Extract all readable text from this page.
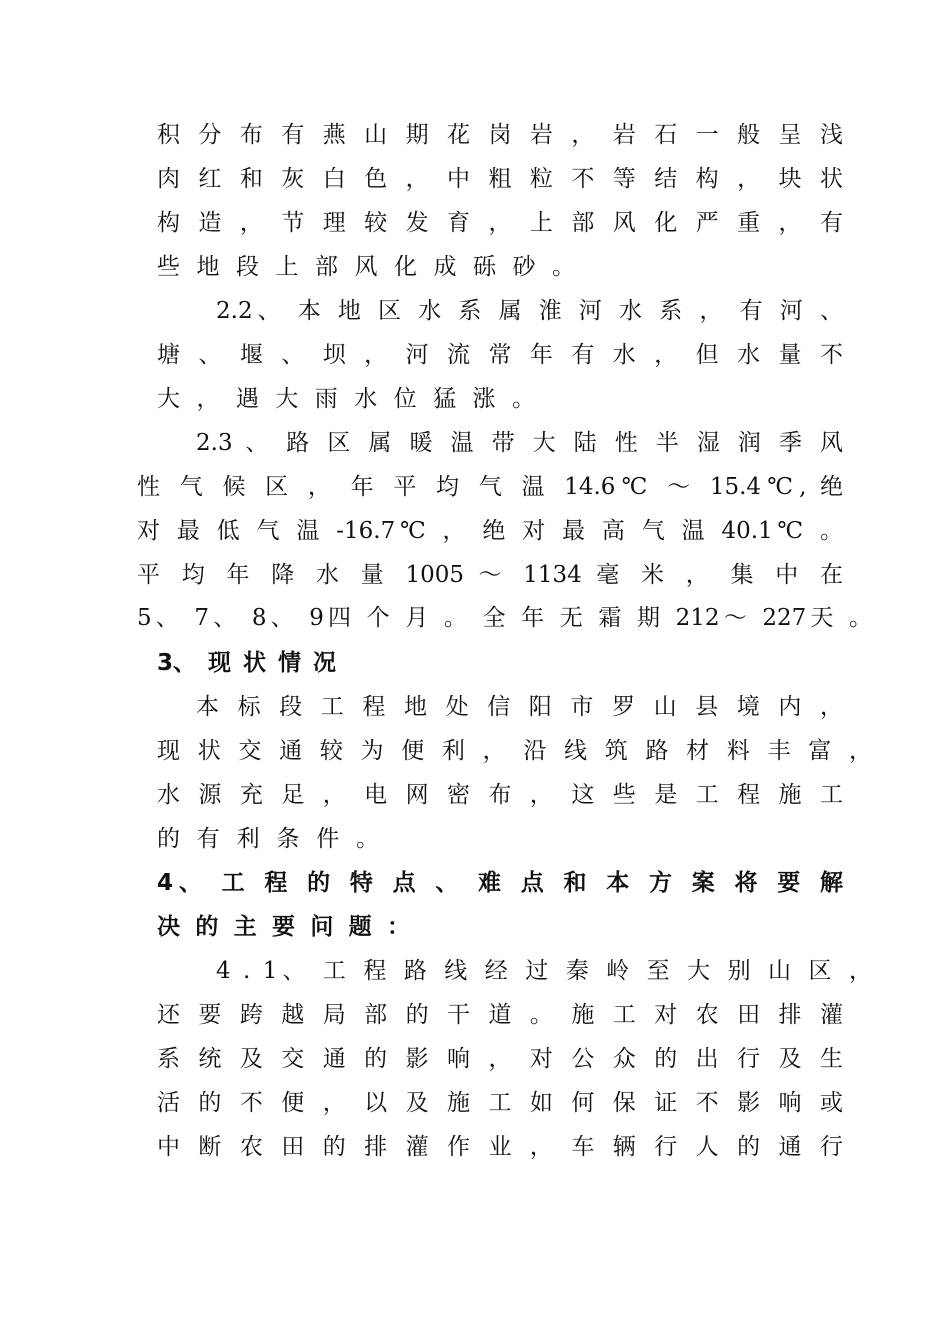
积 分 布 有 燕 山 期 花 岗 岩 ， 岩 石 一 般 呈 浅

肉 红 和 灰 白 色 ， 中 粗 粒 不 等 结 构 ， 块 状

构 造 ， 节 理 较 发 育 ， 上 部 风 化 严 重 ， 有

些 地 段 上 部 风 化 成 砾 砂 。

2.2、 本 地 区 水 系 属 淮 河 水 系 ， 有 河 、

塘 、 堰 、 坝 ， 河 流 常 年 有 水 ， 但 水 量 不

大 ， 遇 大 雨 水 位 猛 涨 。

2.3 、 路 区 属 暖 温 带 大 陆 性 半 湿 润 季 风

性 气 候 区 ， 年 平 均 气 温 14.6℃ ～ 15.4℃, 绝

对 最 低 气 温 -16.7℃ ， 绝 对 最 高 气 温 40.1℃ 。

平 均 年 降 水 量 1005 ～ 1134 毫 米 ， 集 中 在

5、 7、 8、 9四 个 月 。 全 年 无 霜 期 212～ 227天 。

3、 现 状 情 况

本 标 段 工 程 地 处 信 阳 市 罗 山 县 境 内 ，

现 状 交 通 较 为 便 利 ， 沿 线 筑 路 材 料 丰 富 ，

水 源 充 足 ， 电 网 密 布 ， 这 些 是 工 程 施 工

的 有 利 条 件 。

4、 工 程 的 特 点 、 难 点 和 本 方 案 将 要 解

决 的 主 要 问 题 ：

4 . 1、 工 程 路 线 经 过 秦 岭 至 大 别 山 区 ，

还 要 跨 越 局 部 的 干 道 。 施 工 对 农 田 排 灌

系 统 及 交 通 的 影 响 ， 对 公 众 的 出 行 及 生

活 的 不 便 ， 以 及 施 工 如 何 保 证 不 影 响 或

中 断 农 田 的 排 灌 作 业 ， 车 辆 行 人 的 通 行
